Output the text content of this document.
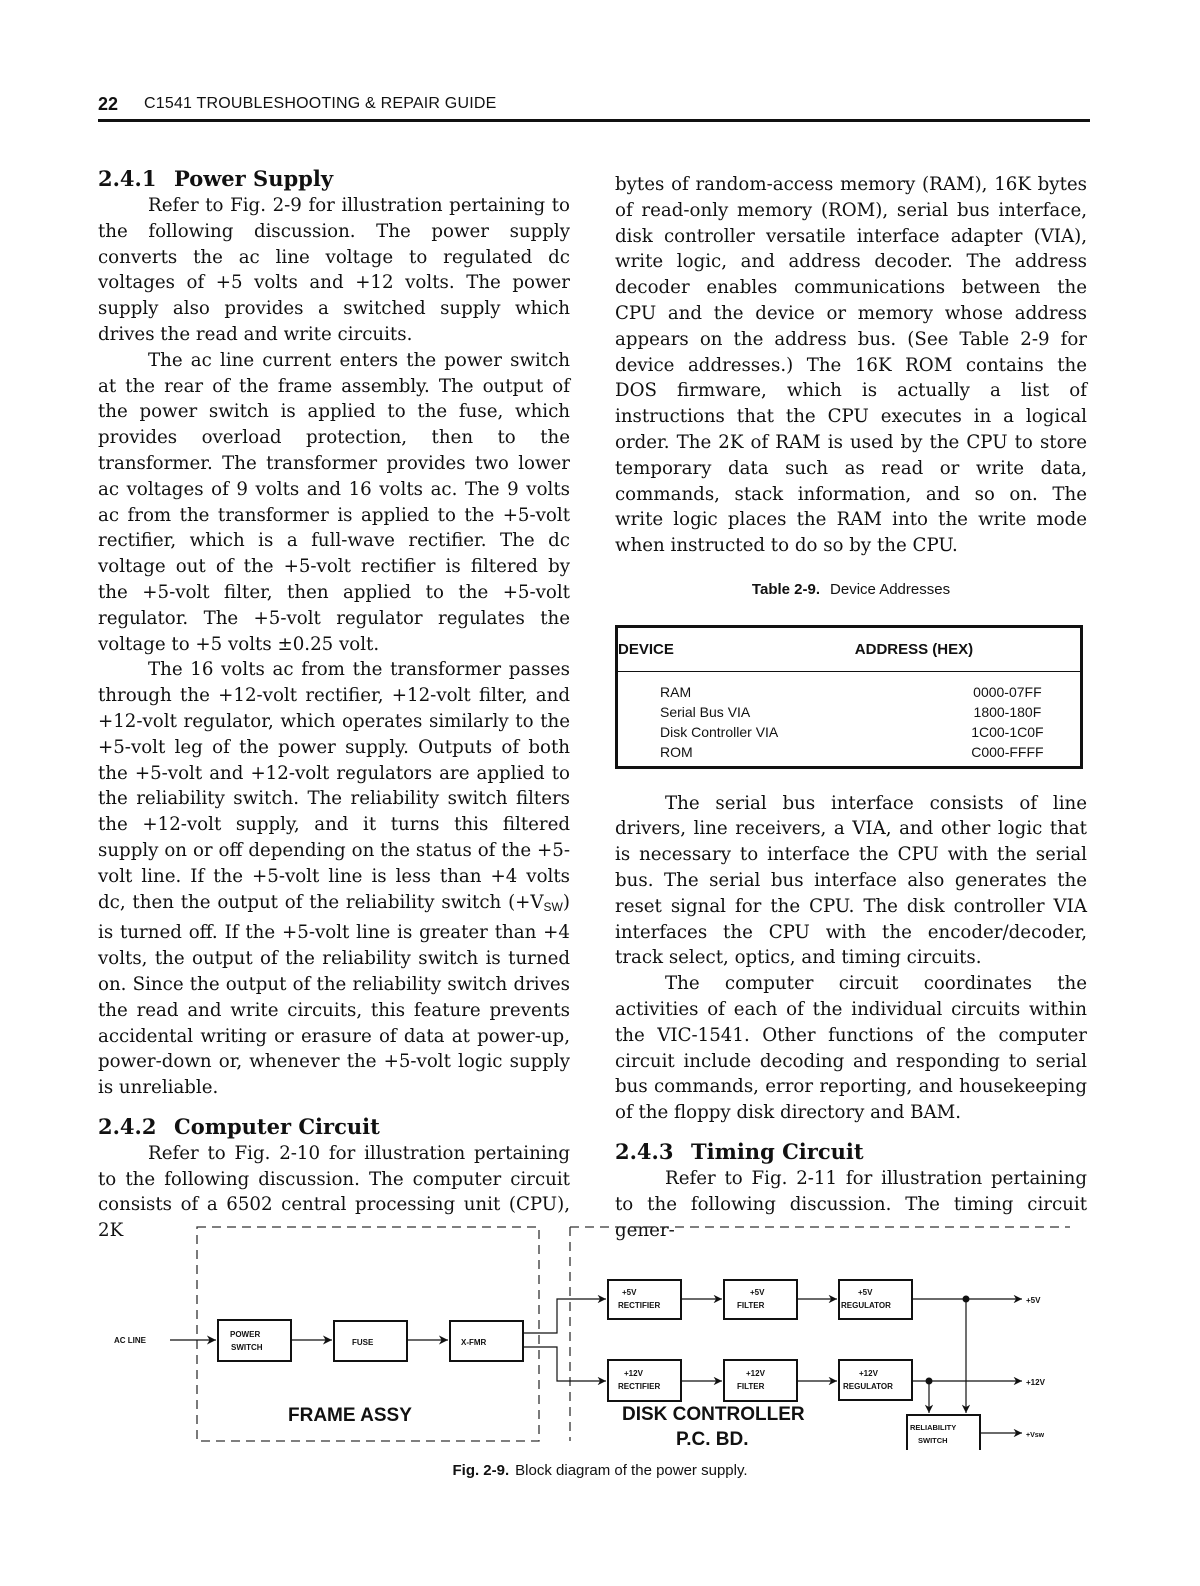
22 C1541 TROUBLESHOOTING & REPAIR GUIDE
2.4.1 Power Supply

Refer to Fig. 2-9 for illustration pertaining to the following discussion. The power supply converts the ac line voltage to regulated dc voltages of +5 volts and +12 volts. The power supply also provides a switched supply which drives the read and write circuits.

The ac line current enters the power switch at the rear of the frame assembly. The output of the power switch is applied to the fuse, which provides overload protection, then to the transformer. The transformer provides two lower ac voltages of 9 volts and 16 volts ac. The 9 volts ac from the transformer is applied to the +5-volt rectifier, which is a full-wave rectifier. The dc voltage out of the +5-volt rectifier is filtered by the +5-volt filter, then applied to the +5-volt regulator. The +5-volt regulator regulates the voltage to +5 volts ±0.25 volt.

The 16 volts ac from the transformer passes through the +12-volt rectifier, +12-volt filter, and +12-volt regulator, which operates similarly to the +5-volt leg of the power supply. Outputs of both the +5-volt and +12-volt regulators are applied to the reliability switch. The reliability switch filters the +12-volt supply, and it turns this filtered supply on or off depending on the status of the +5-volt line. If the +5-volt line is less than +4 volts dc, then the output of the reliability switch $(+V_{SW})$ is turned off. If the +5-volt line is greater than +4 volts, the output of the reliability switch is turned on. Since the output of the reliability switch drives the read and write circuits, this feature prevents accidental writing or erasure of data at power-up, power-down or, whenever the +5-volt logic supply is unreliable.

2.4.2 Computer Circuit

Refer to Fig. 2-10 for illustration pertaining to the following discussion. The computer circuit consists of a 6502 central processing unit (CPU), 2K

bytes of random-access memory (RAM), 16K bytes of read-only memory (ROM), serial bus interface, disk controller versatile interface adapter (VIA), write logic, and address decoder. The address decoder enables communications between the CPU and the device or memory whose address appears on the address bus. (See Table 2-9 for device addresses.) The 16K ROM contains the DOS firmware, which is actually a list of instructions that the CPU executes in a logical order. The 2K of RAM is used by the CPU to store temporary data such as read or write data, commands, stack information, and so on. The write logic places the RAM into the write mode when instructed to do so by the CPU.

Table 2-9. Device Addresses
DEVICE	ADDRESS (HEX)
RAM	0000-07FF
Serial Bus VIA	1800-180F
Disk Controller VIA	1C00-1C0F
ROM	C000-FFFF

The serial bus interface consists of line drivers, line receivers, a VIA, and other logic that is necessary to interface the CPU with the serial bus. The serial bus interface also generates the reset signal for the CPU. The disk controller VIA interfaces the CPU with the encoder/decoder, track select, optics, and timing circuits.

The computer circuit coordinates the activities of each of the individual circuits within the VIC-1541. Other functions of the computer circuit include decoding and responding to serial bus commands, error reporting, and housekeeping of the floppy disk directory and BAM.

2.4.3 Timing Circuit

Refer to Fig. 2-11 for illustration pertaining to the following discussion. The timing circuit gener-

AC LINE
POWER
SWITCH
FUSE	X-FMR
+5V
RECTIFIER
+5V
FILTER
+5V
REGULATOR
+5V
+12V
RECTIFIER
+12V
FILTER
+12V
REGULATOR	+12V
RELIABILITY
SWITCH
+Vsw
FRAME ASSY	DISK CONTROLLER
P.C. BD.
Fig. 2-9. Block diagram of the power supply.
